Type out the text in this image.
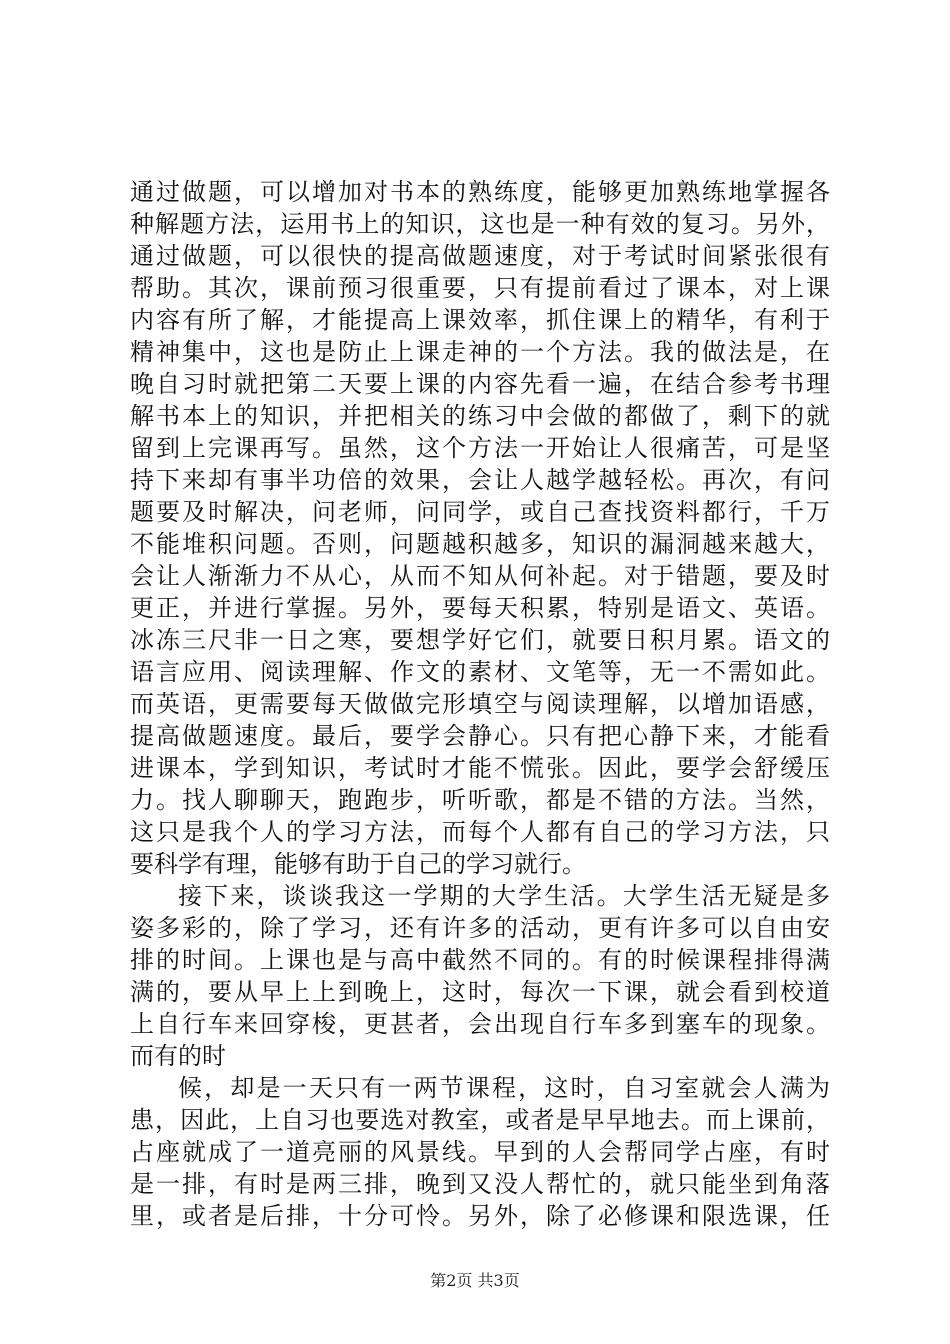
通过做题，可以增加对书本的熟练度，能够更加熟练地掌握各
种解题方法，运用书上的知识，这也是一种有效的复习。另外，
通过做题，可以很快的提高做题速度，对于考试时间紧张很有
帮助。其次，课前预习很重要，只有提前看过了课本，对上课
内容有所了解，才能提高上课效率，抓住课上的精华，有利于
精神集中，这也是防止上课走神的一个方法。我的做法是，在
晚自习时就把第二天要上课的内容先看一遍，在结合参考书理
解书本上的知识，并把相关的练习中会做的都做了，剩下的就
留到上完课再写。虽然，这个方法一开始让人很痛苦，可是坚
持下来却有事半功倍的效果，会让人越学越轻松。再次，有问
题要及时解决，问老师，问同学，或自己查找资料都行，千万
不能堆积问题。否则，问题越积越多，知识的漏洞越来越大，
会让人渐渐力不从心，从而不知从何补起。对于错题，要及时
更正，并进行掌握。另外，要每天积累，特别是语文、英语。
冰冻三尺非一日之寒，要想学好它们，就要日积月累。语文的
语言应用、阅读理解、作文的素材、文笔等，无一不需如此。
而英语，更需要每天做做完形填空与阅读理解，以增加语感，
提高做题速度。最后，要学会静心。只有把心静下来，才能看
进课本，学到知识，考试时才能不慌张。因此，要学会舒缓压
力。找人聊聊天，跑跑步，听听歌，都是不错的方法。当然，
这只是我个人的学习方法，而每个人都有自己的学习方法，只
要科学有理，能够有助于自己的学习就行。
接下来，谈谈我这一学期的大学生活。大学生活无疑是多
姿多彩的，除了学习，还有许多的活动，更有许多可以自由安
排的时间。上课也是与高中截然不同的。有的时候课程排得满
满的，要从早上上到晚上，这时，每次一下课，就会看到校道
上自行车来回穿梭，更甚者，会出现自行车多到塞车的现象。
而有的时
候，却是一天只有一两节课程，这时，自习室就会人满为
患，因此，上自习也要选对教室，或者是早早地去。而上课前，
占座就成了一道亮丽的风景线。早到的人会帮同学占座，有时
是一排，有时是两三排，晚到又没人帮忙的，就只能坐到角落
里，或者是后排，十分可怜。另外，除了必修课和限选课，任
第2页 共3页
